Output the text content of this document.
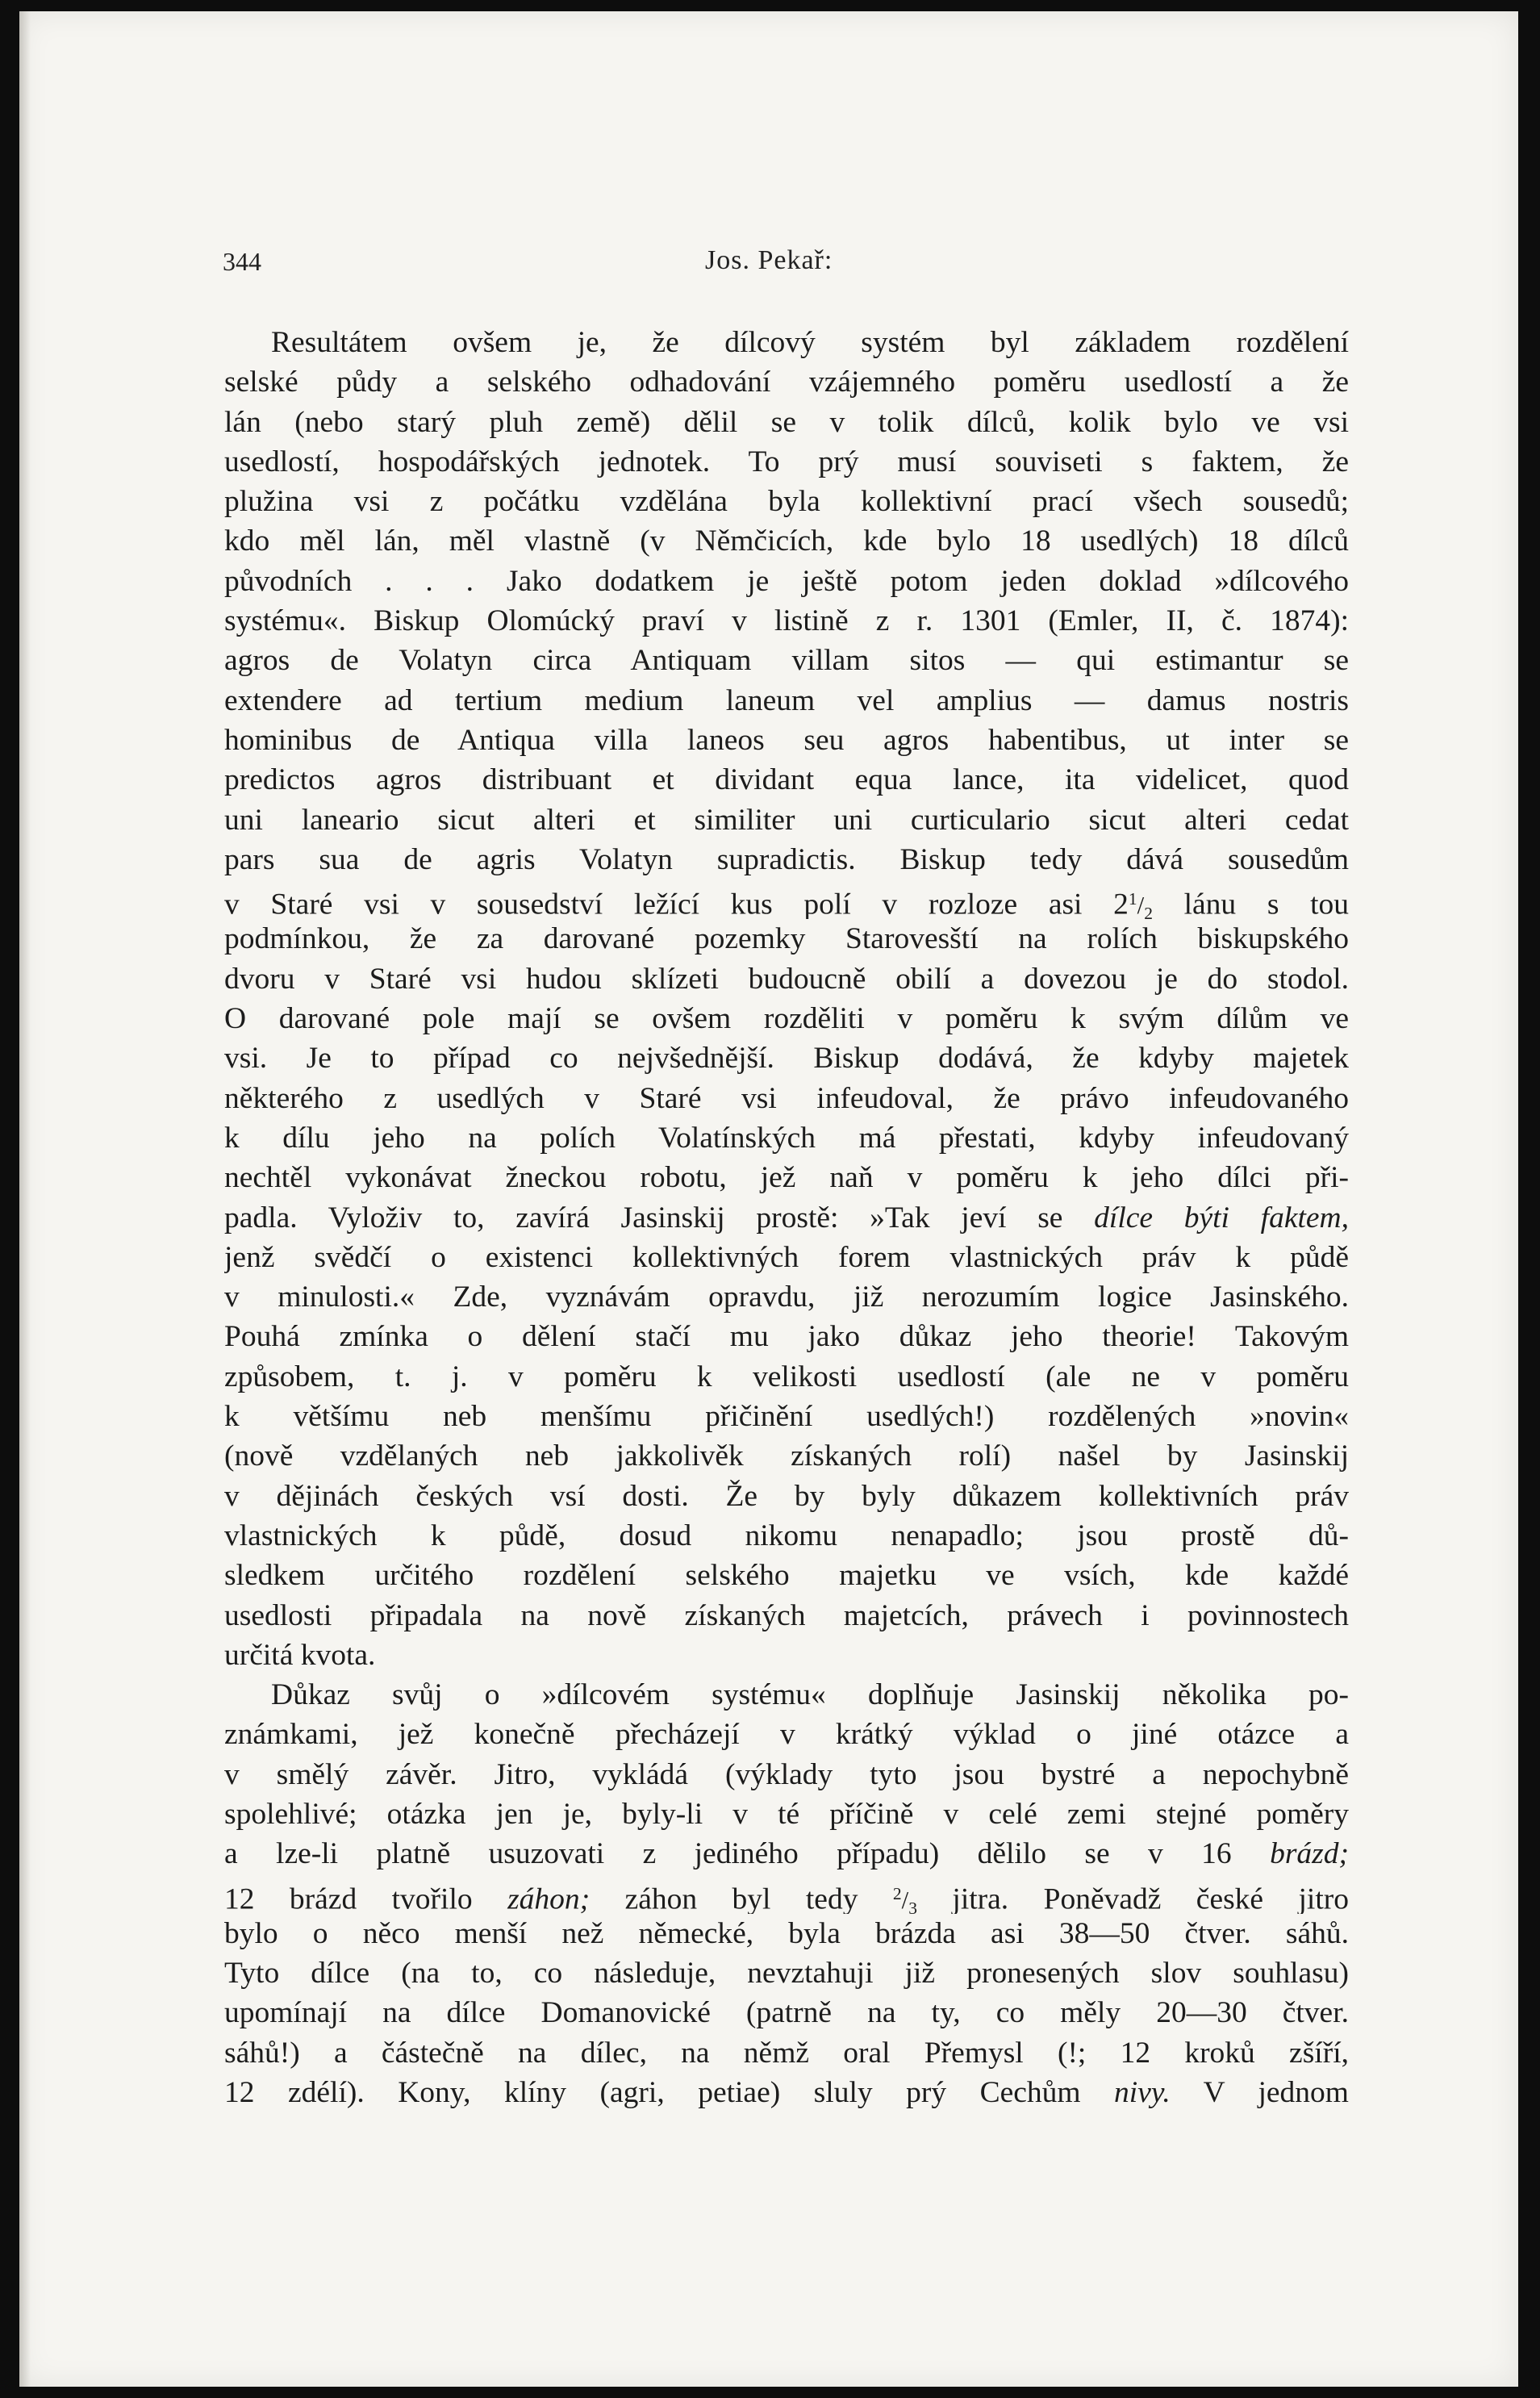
344	Jos. Pekař:

Resultátem ovšem je, že dílcový systém byl základem rozdělení
selské půdy a selského odhadování vzájemného poměru usedlostí a že
lán (nebo starý pluh země) dělil se v tolik dílců, kolik bylo ve vsi
usedlostí, hospodářských jednotek. To prý musí souviseti s faktem, že
plužina vsi z počátku vzdělána byla kollektivní prací všech sousedů;
kdo měl lán, měl vlastně (v Němčicích, kde bylo 18 usedlých) 18 dílců
původních . . . Jako dodatkem je ještě potom jeden doklad »dílcového
systému«. Biskup Olomúcký praví v listině z r. 1301 (Emler, II, č. 1874):
agros de Volatyn circa Antiquam villam sitos — qui estimantur se
extendere ad tertium medium laneum vel amplius — damus nostris
hominibus de Antiqua villa laneos seu agros habentibus, ut inter se
predictos agros distribuant et dividant equa lance, ita videlicet, quod
uni laneario sicut alteri et similiter uni curticulario sicut alteri cedat
pars sua de agris Volatyn supradictis. Biskup tedy dává sousedům
v Staré vsi v sousedství ležící kus polí v rozloze asi $2^1/_2$ lánu s tou
podmínkou, že za darované pozemky Starovesští na rolích biskupského
dvoru v Staré vsi hudou sklízeti budoucně obilí a dovezou je do stodol.
O darované pole mají se ovšem rozděliti v poměru k svým dílům ve
vsi. Je to případ co nejvšednější. Biskup dodává, že kdyby majetek
některého z usedlých v Staré vsi infeudoval, že právo infeudovaného
k dílu jeho na polích Volatínských má přestati, kdyby infeudovaný
nechtěl vykonávat žneckou robotu, jež naň v poměru k jeho dílci při-
padla. Vyloživ to, zavírá Jasinskij prostě: »Tak jeví se dílce býti faktem,
jenž svědčí o existenci kollektivných forem vlastnických práv k půdě
v minulosti.« Zde, vyznávám opravdu, již nerozumím logice Jasinského.
Pouhá zmínka o dělení stačí mu jako důkaz jeho theorie! Takovým
způsobem, t. j. v poměru k velikosti usedlostí (ale ne v poměru
k většímu neb menšímu přičinění usedlých!) rozdělených »novin«
(nově vzdělaných neb jakkolivěk získaných rolí) našel by Jasinskij
v dějinách českých vsí dosti. Že by byly důkazem kollektivních práv
vlastnických k půdě, dosud nikomu nenapadlo; jsou prostě dů-
sledkem určitého rozdělení selského majetku ve vsích, kde každé
usedlosti připadala na nově získaných majetcích, právech i povinnostech
určitá kvota.

Důkaz svůj o »dílcovém systému« doplňuje Jasinskij několika po-
známkami, jež konečně přecházejí v krátký výklad o jiné otázce a
v smělý závěr. Jitro, vykládá (výklady tyto jsou bystré a nepochybně
spolehlivé; otázka jen je, byly-li v té příčině v celé zemi stejné poměry
a lze-li platně usuzovati z jediného případu) dělilo se v 16 brázd;
12 brázd tvořilo záhon; záhon byl tedy $^2/_3$ jitra. Poněvadž české jitro
bylo o něco menší než německé, byla brázda asi 38—50 čtver. sáhů.
Tyto dílce (na to, co následuje, nevztahuji již pronesených slov souhlasu)
upomínají na dílce Domanovické (patrně na ty, co měly 20—30 čtver.
sáhů!) a částečně na dílec, na němž oral Přemysl (!; 12 kroků zšíří,
12 zdélí). Kony, klíny (agri, petiae) sluly prý Cechům nivy. V jednom
